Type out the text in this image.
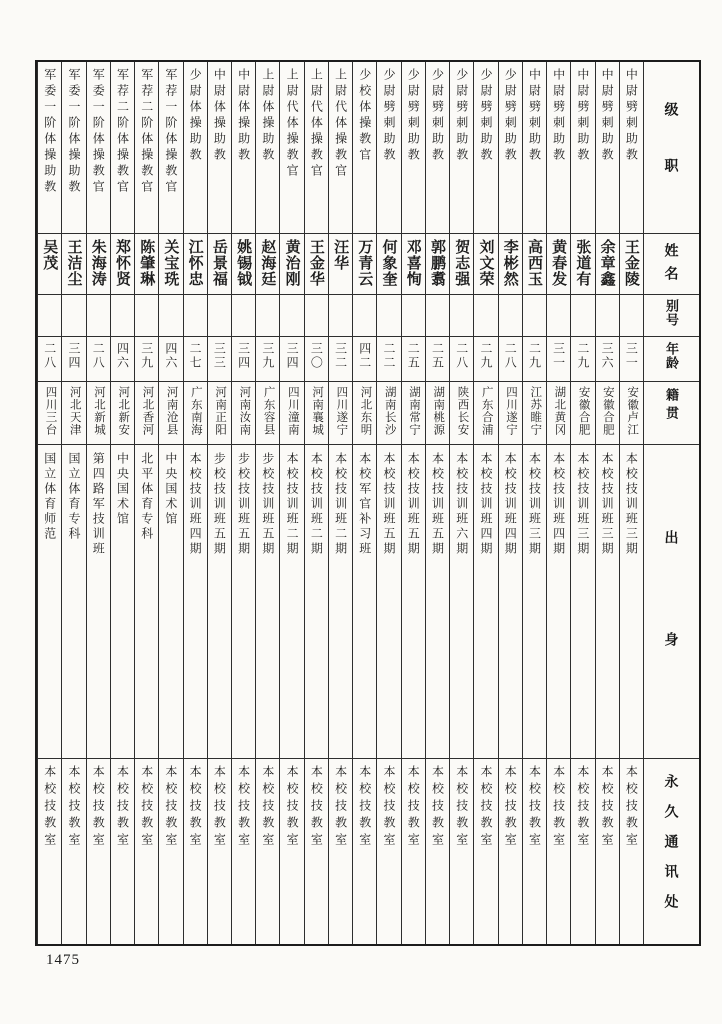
级职
姓名
别号
年龄
籍贯
出身
永久通讯处
中尉劈刺助教
王金陵
三一
安徽卢江
本校技训班三期
本校技教室
中尉劈刺助教
余章鑫
三六
安徽合肥
本校技训班三期
本校技教室
中尉劈刺助教
张道有
二九
安徽合肥
本校技训班三期
本校技教室
中尉劈刺助教
黄春发
三一
湖北黄冈
本校技训班四期
本校技教室
中尉劈刺助教
高西玉
二九
江苏睢宁
本校技训班三期
本校技教室
少尉劈刺助教
李彬然
二八
四川遂宁
本校技训班四期
本校技教室
少尉劈刺助教
刘文荣
二九
广东合浦
本校技训班四期
本校技教室
少尉劈刺助教
贺志强
二八
陕西长安
本校技训班六期
本校技教室
少尉劈刺助教
郭鹏翥
二五
湖南桃源
本校技训班五期
本校技教室
少尉劈刺助教
邓喜恂
二五
湖南常宁
本校技训班五期
本校技教室
少尉劈刺助教
何象奎
二二
湖南长沙
本校技训班五期
本校技教室
少校体操教官
万青云
四二
河北东明
本校军官补习班
本校技教室
上尉代体操教官
汪华
三二
四川遂宁
本校技训班二期
本校技教室
上尉代体操教官
王金华
三〇
河南襄城
本校技训班二期
本校技教室
上尉代体操教官
黄治刚
三四
四川潼南
本校技训班二期
本校技教室
上尉体操助教
赵海廷
三九
广东容县
步校技训班五期
本校技教室
中尉体操助教
姚锡钺
三四
河南汝南
步校技训班五期
本校技教室
中尉体操助教
岳景福
三三
河南正阳
步校技训班五期
本校技教室
少尉体操助教
江怀忠
二七
广东南海
本校技训班四期
本校技教室
军荐一阶体操教官
关宝珗
四六
河南沧县
中央国术馆
本校技教室
军荐二阶体操教官
陈肇琳
三九
河北香河
北平体育专科
本校技教室
军荐二阶体操教官
郑怀贤
四六
河北新安
中央国术馆
本校技教室
军委一阶体操教官
朱海涛
二八
河北新城
第四路军技训班
本校技教室
军委一阶体操助教
王洁尘
三四
河北天津
国立体育专科
本校技教室
军委一阶体操助教
吴茂
二八
四川三台
国立体育师范
本校技教室
1475
